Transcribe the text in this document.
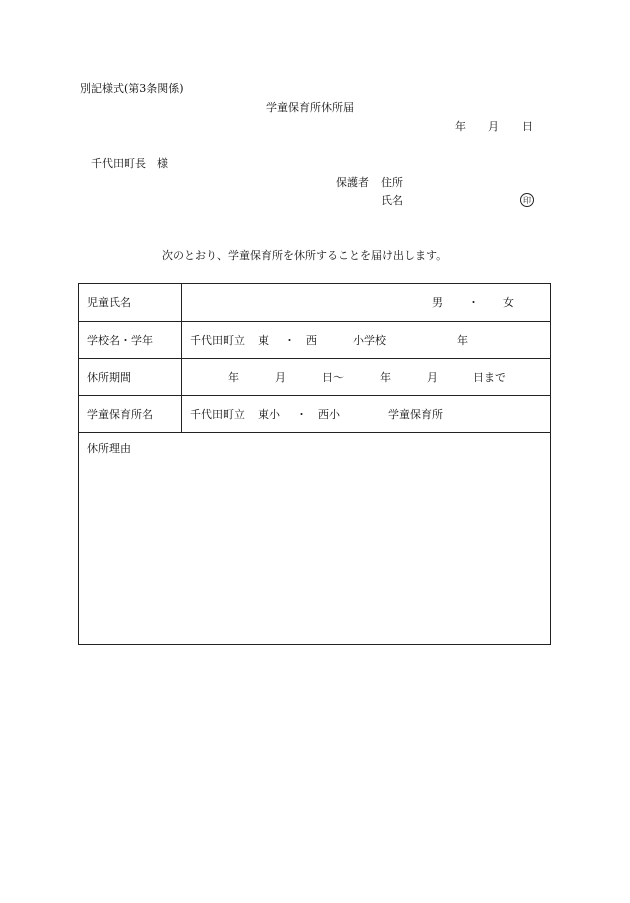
別記様式(第3条関係)
学童保育所休所届
年 月 日
千代田町長　様
保護者 住所
氏名	印
次のとおり、学童保育所を休所することを届け出します。
児童氏名	男 ・ 女
学校名・学年	千代田町立 東 ・ 西	小学校	年
休所期間	年	月	日～	年	月	日まで
学童保育所名	千代田町立 東小 ・ 西小	学童保育所
休所理由
